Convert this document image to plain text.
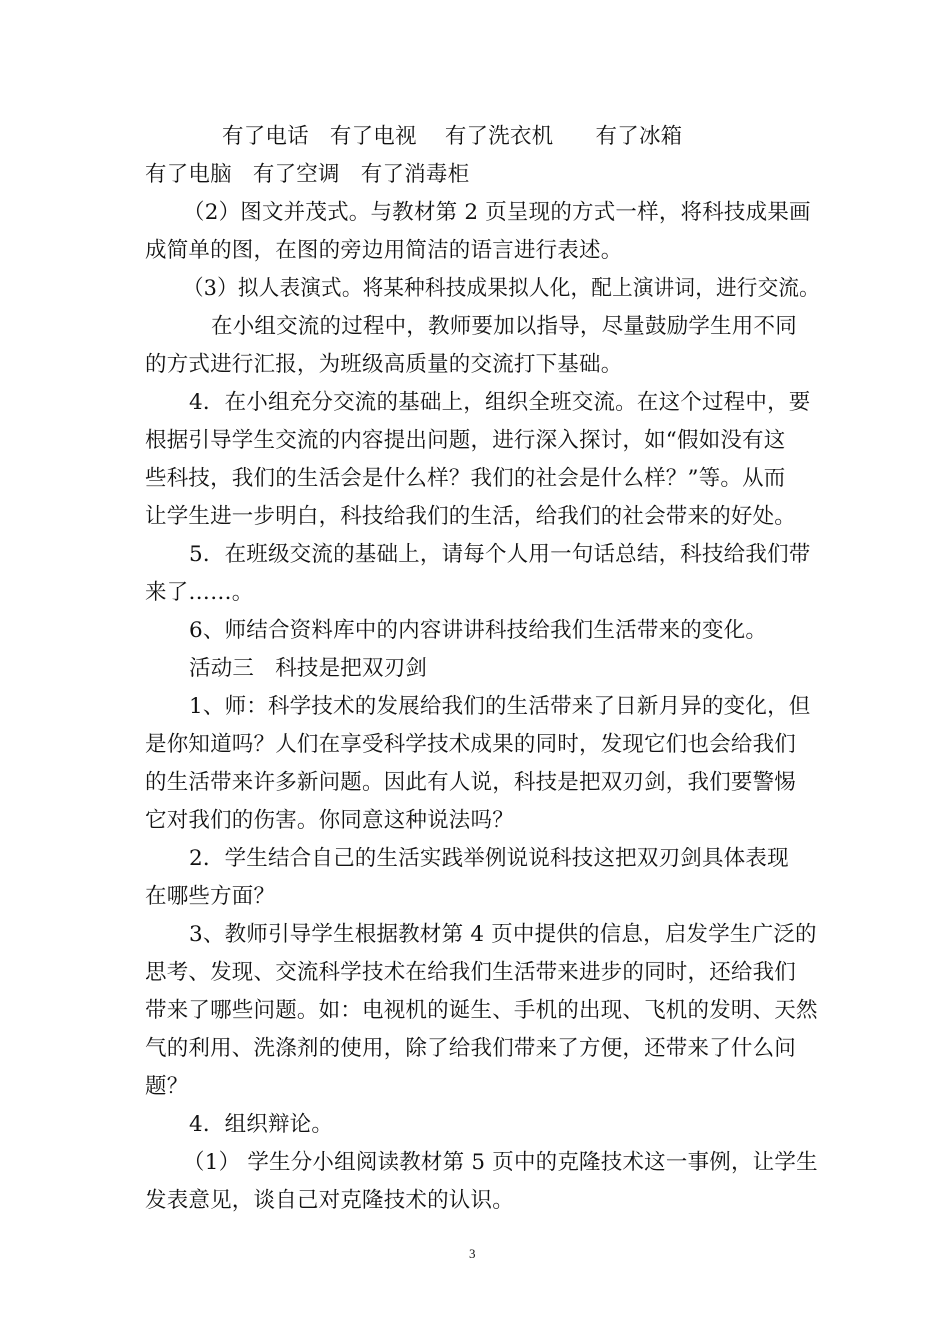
有了电话   有了电视    有了洗衣机      有了冰箱
有了电脑   有了空调   有了消毒柜
（2）图文并茂式。与教材第 2 页呈现的方式一样，将科技成果画
成简单的图，在图的旁边用简洁的语言进行表述。
（3）拟人表演式。将某种科技成果拟人化，配上演讲词，进行交流。
在小组交流的过程中，教师要加以指导，尽量鼓励学生用不同
的方式进行汇报，为班级高质量的交流打下基础。
4．在小组充分交流的基础上，组织全班交流。在这个过程中，要
根据引导学生交流的内容提出问题，进行深入探讨，如“假如没有这
些科技，我们的生活会是什么样？我们的社会是什么样？”等。从而
让学生进一步明白，科技给我们的生活，给我们的社会带来的好处。
5．在班级交流的基础上，请每个人用一句话总结，科技给我们带
来了……。
6、师结合资料库中的内容讲讲科技给我们生活带来的变化。
活动三   科技是把双刃剑
1、师：科学技术的发展给我们的生活带来了日新月异的变化，但
是你知道吗？人们在享受科学技术成果的同时，发现它们也会给我们
的生活带来许多新问题。因此有人说，科技是把双刃剑，我们要警惕
它对我们的伤害。你同意这种说法吗？
2．学生结合自己的生活实践举例说说科技这把双刃剑具体表现
在哪些方面？
3、教师引导学生根据教材第 4 页中提供的信息，启发学生广泛的
思考、发现、交流科学技术在给我们生活带来进步的同时，还给我们
带来了哪些问题。如：电视机的诞生、手机的出现、飞机的发明、天然
气的利用、洗涤剂的使用，除了给我们带来了方便，还带来了什么问
题？
4．组织辩论。
（1） 学生分小组阅读教材第 5 页中的克隆技术这一事例，让学生
发表意见，谈自己对克隆技术的认识。
3
